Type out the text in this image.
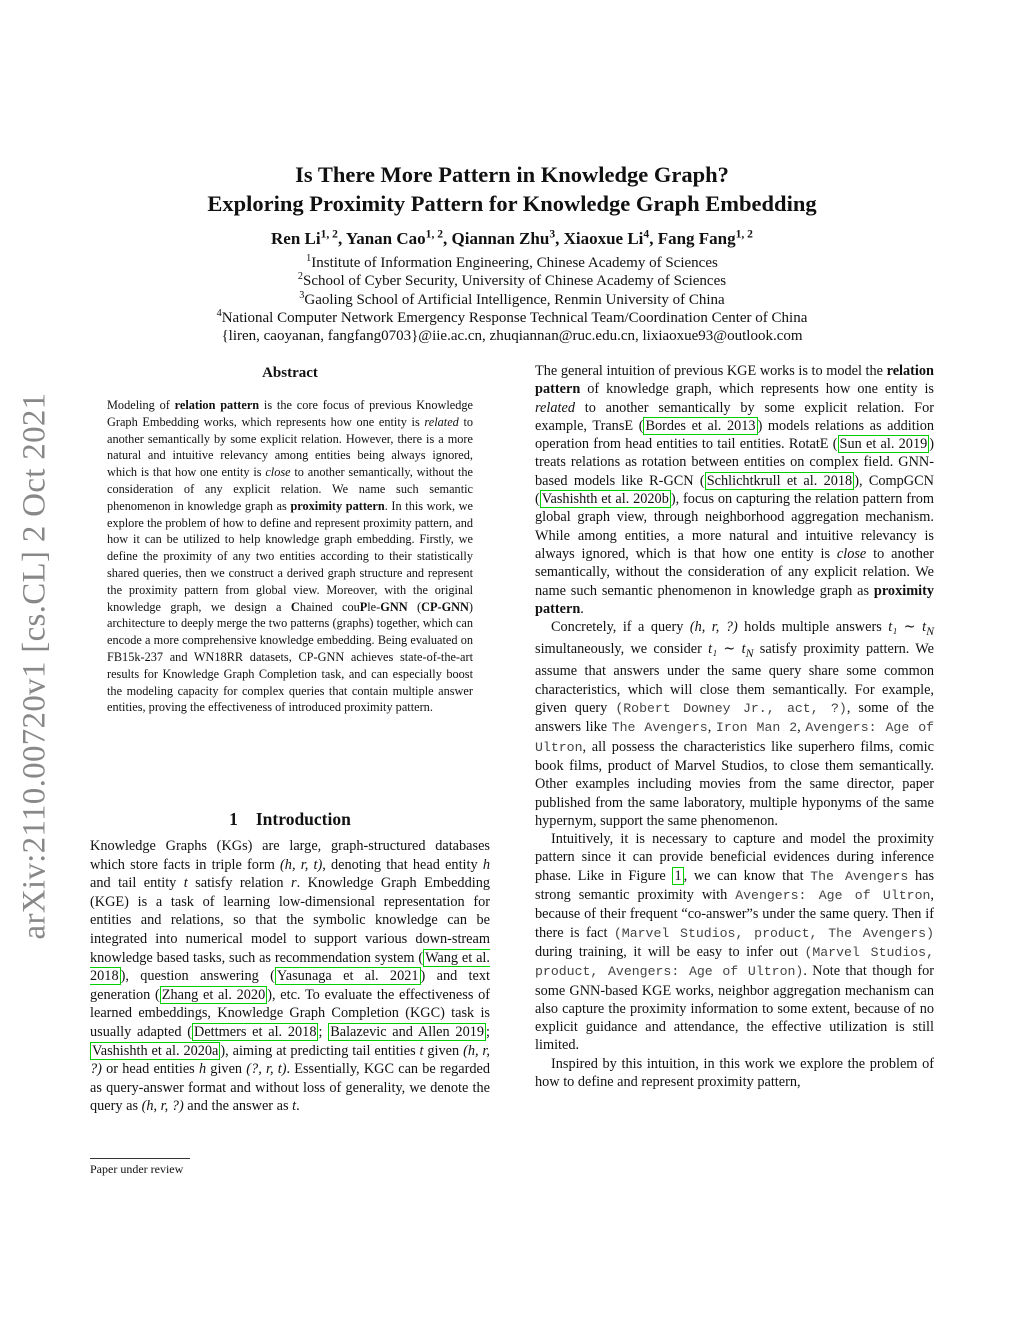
arXiv:2110.00720v1 [cs.CL] 2 Oct 2021
Is There More Pattern in Knowledge Graph?
Exploring Proximity Pattern for Knowledge Graph Embedding
Ren Li$^{1, 2}$, Yanan Cao$^{1, 2}$, Qiannan Zhu$^3$, Xiaoxue Li$^4$, Fang Fang$^{1, 2}$
$^1$Institute of Information Engineering, Chinese Academy of Sciences
$^2$School of Cyber Security, University of Chinese Academy of Sciences
$^3$Gaoling School of Artificial Intelligence, Renmin University of China
$^4$National Computer Network Emergency Response Technical Team/Coordination Center of China
{liren, caoyanan, fangfang0703}@iie.ac.cn, zhuqiannan@ruc.edu.cn, lixiaoxue93@outlook.com
Abstract
Modeling of relation pattern is the core focus of previous Knowledge Graph Embedding works, which represents how one entity is related to another semantically by some explicit relation. However, there is a more natural and intuitive relevancy among entities being always ignored, which is that how one entity is close to another semantically, without the consideration of any explicit relation. We name such semantic phenomenon in knowledge graph as proximity pattern. In this work, we explore the problem of how to define and represent proximity pattern, and how it can be utilized to help knowledge graph embedding. Firstly, we define the proximity of any two entities according to their statistically shared queries, then we construct a derived graph structure and represent the proximity pattern from global view. Moreover, with the original knowledge graph, we design a Chained couPle-GNN (CP-GNN) architecture to deeply merge the two patterns (graphs) together, which can encode a more comprehensive knowledge embedding. Being evaluated on FB15k-237 and WN18RR datasets, CP-GNN achieves state-of-the-art results for Knowledge Graph Completion task, and can especially boost the modeling capacity for complex queries that contain multiple answer entities, proving the effectiveness of introduced proximity pattern.
1 Introduction

Knowledge Graphs (KGs) are large, graph-structured databases which store facts in triple form (h, r, t), denoting that head entity h and tail entity t satisfy relation r. Knowledge Graph Embedding (KGE) is a task of learning low-dimensional representation for entities and relations, so that the symbolic knowledge can be integrated into numerical model to support various down-stream knowledge based tasks, such as recommendation system ( Wang et al. 2018 ), question answering ( Yasunaga et al. 2021 ) and text generation ( Zhang et al. 2020 ), etc. To evaluate the effectiveness of learned embeddings, Knowledge Graph Completion (KGC) task is usually adapted ( Dettmers et al. 2018 ; Balazevic and Allen 2019 ; Vashishth et al. 2020a ), aiming at predicting tail entities t given (h, r, ?) or head entities h given (?, r, t). Essentially, KGC can be regarded as query-answer format and without loss of generality, we denote the query as (h, r, ?) and the answer as t.

Paper under review

The general intuition of previous KGE works is to model the relation pattern of knowledge graph, which represents how one entity is related to another semantically by some explicit relation. For example, TransE ( Bordes et al. 2013 ) models relations as addition operation from head entities to tail entities. RotatE ( Sun et al. 2019 ) treats relations as rotation between entities on complex field. GNN-based models like R-GCN ( Schlichtkrull et al. 2018 ), CompGCN ( Vashishth et al. 2020b ), focus on capturing the relation pattern from global graph view, through neighborhood aggregation mechanism. While among entities, a more natural and intuitive relevancy is always ignored, which is that how one entity is close to another semantically, without the consideration of any explicit relation. We name such semantic phenomenon in knowledge graph as proximity pattern.

Concretely, if a query (h, r, ?) holds multiple answers t₁ ∼ $t_N$ simultaneously, we consider t₁ ∼ $t_N$ satisfy proximity pattern. We assume that answers under the same query share some common characteristics, which will close them semantically. For example, given query (Robert Downey Jr., act, ?), some of the answers like The Avengers, Iron Man 2, Avengers: Age of Ultron, all possess the characteristics like superhero films, comic book films, product of Marvel Studios, to close them semantically. Other examples including movies from the same director, paper published from the same laboratory, multiple hyponyms of the same hypernym, support the same phenomenon.

Intuitively, it is necessary to capture and model the proximity pattern since it can provide beneficial evidences during inference phase. Like in Figure 1 , we can know that The Avengers has strong semantic proximity with Avengers: Age of Ultron, because of their frequent “co-answer”s under the same query. Then if there is fact (Marvel Studios, product, The Avengers) during training, it will be easy to infer out (Marvel Studios, product, Avengers: Age of Ultron). Note that though for some GNN-based KGE works, neighbor aggregation mechanism can also capture the proximity information to some extent, because of no explicit guidance and attendance, the effective utilization is still limited.

Inspired by this intuition, in this work we explore the problem of how to define and represent proximity pattern,
